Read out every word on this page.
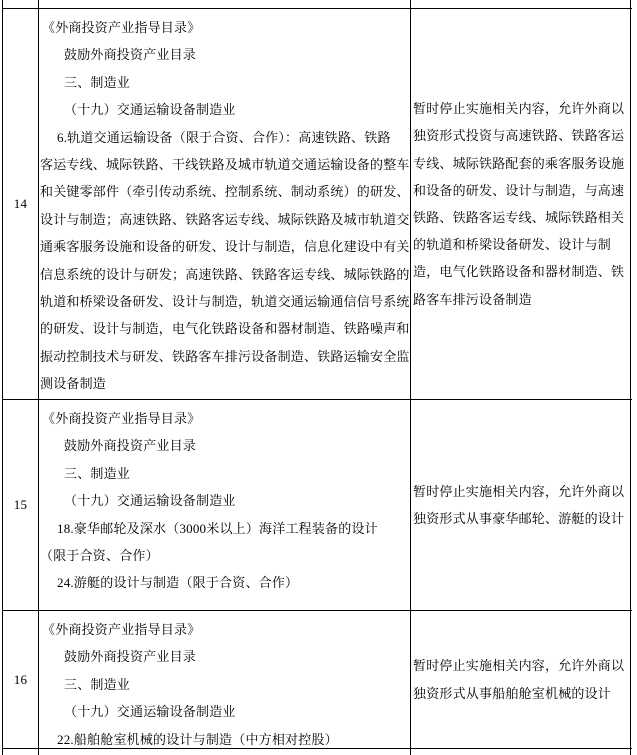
14
《外商投资产业指导目录》
鼓励外商投资产业目录
三、制造业
（十九）交通运输设备制造业
6.轨道交通运输设备（限于合资、合作）：高速铁路、铁路
客运专线、城际铁路、干线铁路及城市轨道交通运输设备的整车
和关键零部件（牵引传动系统、控制系统、制动系统）的研发、
设计与制造；高速铁路、铁路客运专线、城际铁路及城市轨道交
通乘客服务设施和设备的研发、设计与制造，信息化建设中有关
信息系统的设计与研发；高速铁路、铁路客运专线、城际铁路的
轨道和桥梁设备研发、设计与制造，轨道交通运输通信信号系统
的研发、设计与制造，电气化铁路设备和器材制造、铁路噪声和
振动控制技术与研发、铁路客车排污设备制造、铁路运输安全监
测设备制造
暂时停止实施相关内容，允许外商以
独资形式投资与高速铁路、铁路客运
专线、城际铁路配套的乘客服务设施
和设备的研发、设计与制造，与高速
铁路、铁路客运专线、城际铁路相关
的轨道和桥梁设备研发、设计与制
造，电气化铁路设备和器材制造、铁
路客车排污设备制造
15
《外商投资产业指导目录》
鼓励外商投资产业目录
三、制造业
（十九）交通运输设备制造业
18.豪华邮轮及深水（3000米以上）海洋工程装备的设计
（限于合资、合作）
24.游艇的设计与制造（限于合资、合作）
暂时停止实施相关内容，允许外商以
独资形式从事豪华邮轮、游艇的设计
16
《外商投资产业指导目录》
鼓励外商投资产业目录
三、制造业
（十九）交通运输设备制造业
22.船舶舱室机械的设计与制造（中方相对控股）
暂时停止实施相关内容，允许外商以
独资形式从事船舶舱室机械的设计
